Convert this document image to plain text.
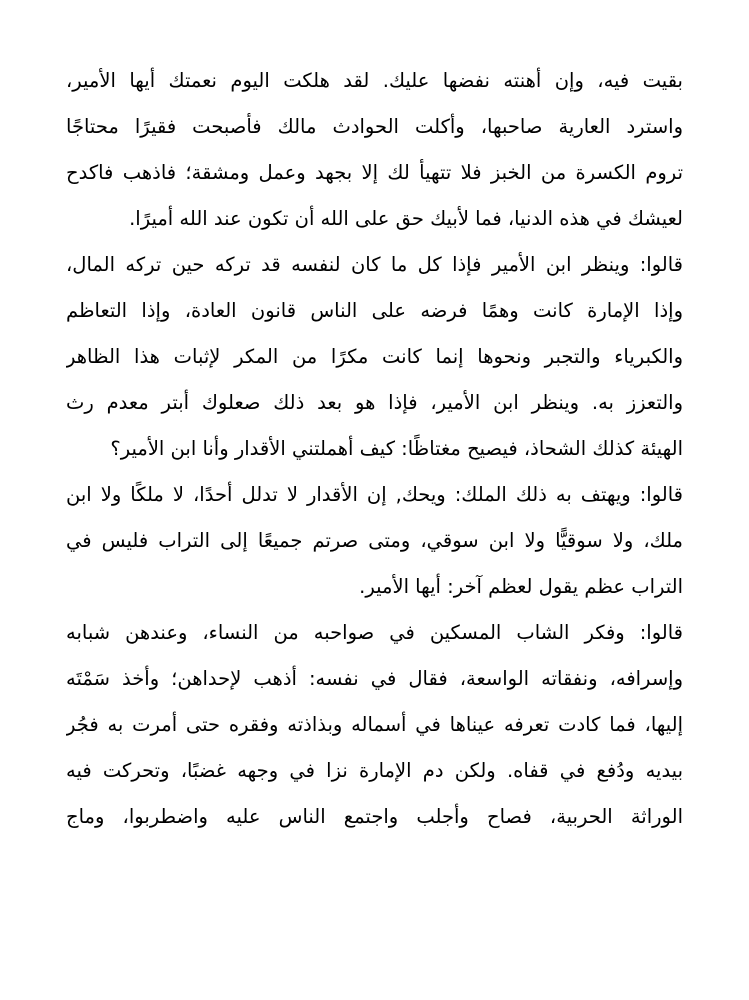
بقيت فيه، وإن أهنته نفضها عليك. لقد هلكت اليوم نعمتك أيها الأمير،
واسترد العارية صاحبها، وأكلت الحوادث مالك فأصبحت فقيرًا محتاجًا
تروم الكسرة من الخبز فلا تتهيأ لك إلا بجهد وعمل ومشقة؛ فاذهب فاكدح
لعيشك في هذه الدنيا، فما لأبيك حق على الله أن تكون عند الله أميرًا.
قالوا: وينظر ابن الأمير فإذا كل ما كان لنفسه قد تركه حين تركه المال،
وإذا الإمارة كانت وهمًا فرضه على الناس قانون العادة، وإذا التعاظم
والكبرياء والتجبر ونحوها إنما كانت مكرًا من المكر لإثبات هذا الظاهر
والتعزز به. وينظر ابن الأمير، فإذا هو بعد ذلك صعلوك أبتر معدم رث
الهيئة كذلك الشحاذ، فيصيح مغتاظًا: كيف أهملتني الأقدار وأنا ابن الأمير؟
قالوا: ويهتف به ذلك الملك: ويحك, إن الأقدار لا تدلل أحدًا، لا ملكًا ولا ابن
ملك، ولا سوقيًّا ولا ابن سوقي، ومتى صرتم جميعًا إلى التراب فليس في
التراب عظم يقول لعظم آخر: أيها الأمير.
قالوا: وفكر الشاب المسكين في صواحبه من النساء، وعندهن شبابه
وإسرافه، ونفقاته الواسعة، فقال في نفسه: أذهب لإحداهن؛ وأخذ سَمْتَه
إليها، فما كادت تعرفه عيناها في أسماله وبذاذته وفقره حتى أمرت به فجُر
بيديه ودُفع في قفاه. ولكن دم الإمارة نزا في وجهه غضبًا، وتحركت فيه
الوراثة الحربية، فصاح وأجلب واجتمع الناس عليه واضطربوا، وماج
